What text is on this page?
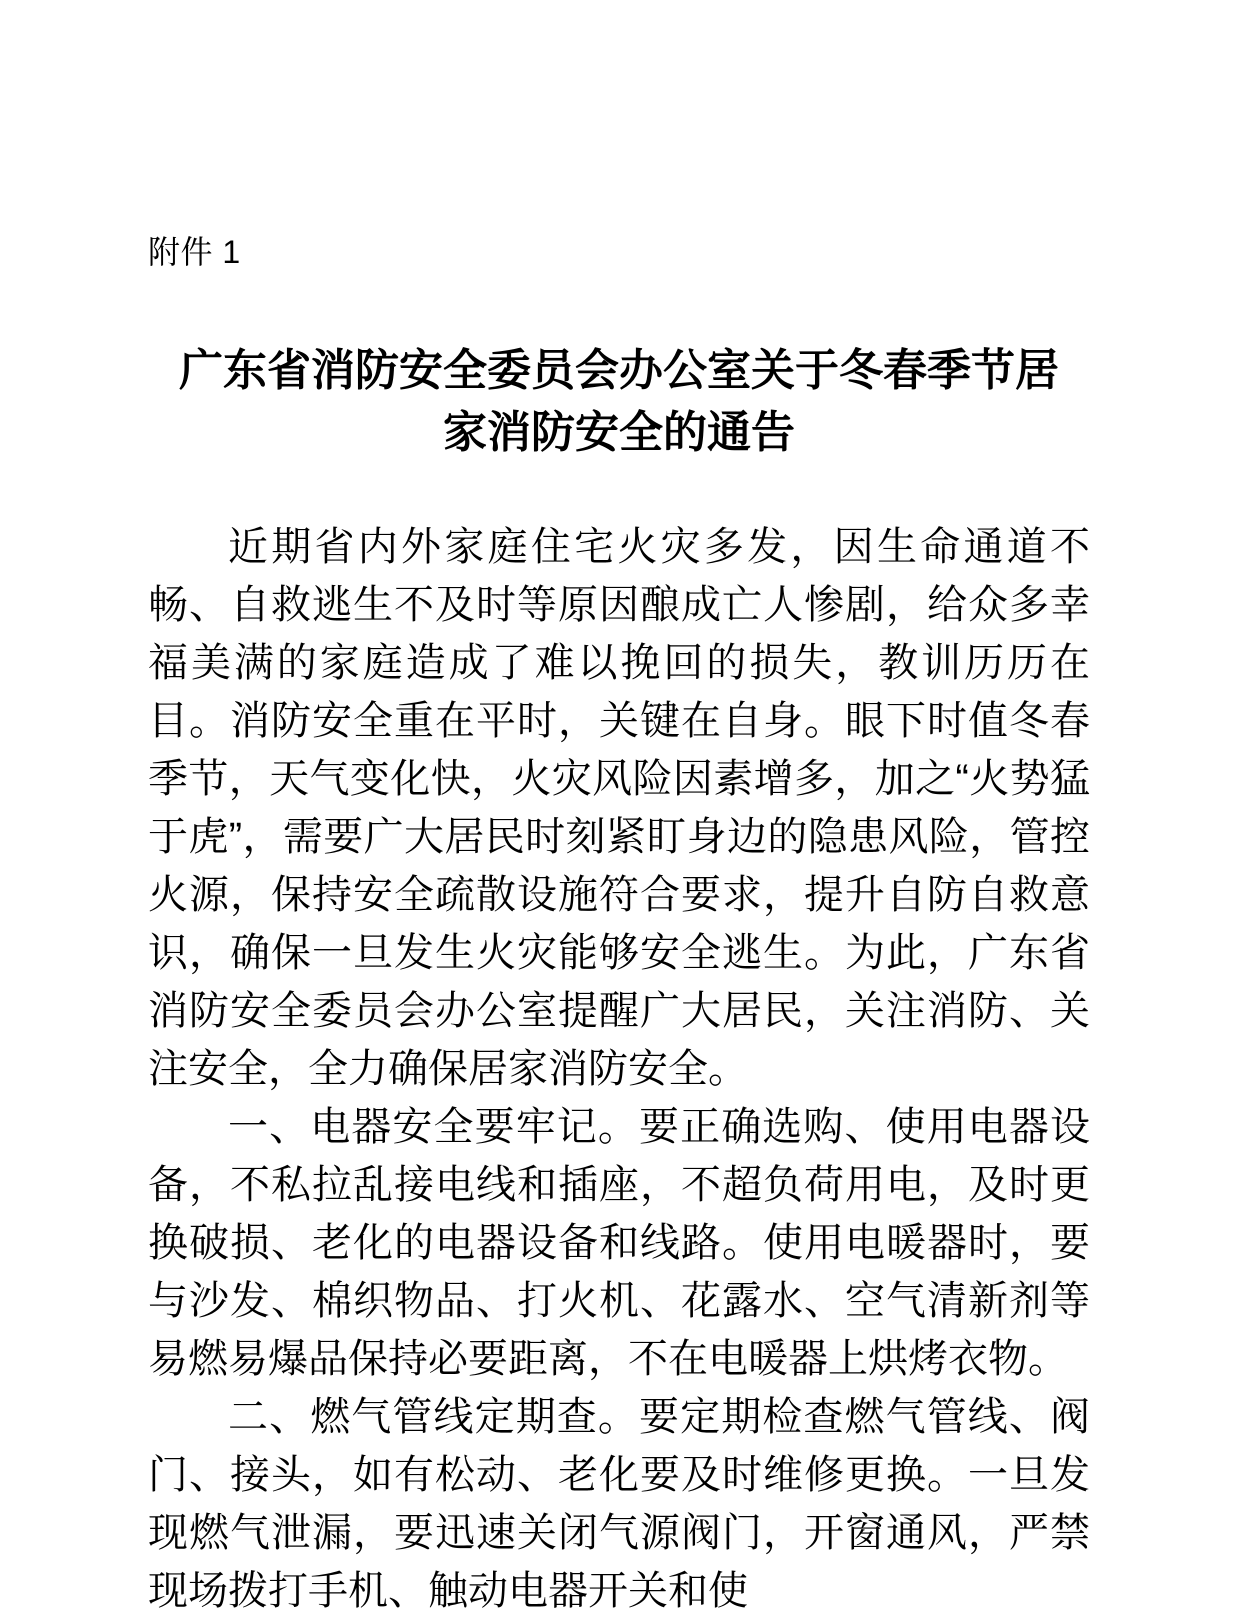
附件 1
广东省消防安全委员会办公室关于冬春季节居家消防安全的通告

近期省内外家庭住宅火灾多发，因生命通道不畅、自救逃生不及时等原因酿成亡人惨剧，给众多幸福美满的家庭造成了难以挽回的损失，教训历历在目。消防安全重在平时，关键在自身。眼下时值冬春季节，天气变化快，火灾风险因素增多，加之“火势猛于虎”，需要广大居民时刻紧盯身边的隐患风险，管控火源，保持安全疏散设施符合要求，提升自防自救意识，确保一旦发生火灾能够安全逃生。为此，广东省消防安全委员会办公室提醒广大居民，关注消防、关注安全，全力确保居家消防安全。

一、电器安全要牢记。要正确选购、使用电器设备，不私拉乱接电线和插座，不超负荷用电，及时更换破损、老化的电器设备和线路。使用电暖器时，要与沙发、棉织物品、打火机、花露水、空气清新剂等易燃易爆品保持必要距离，不在电暖器上烘烤衣物。

二、燃气管线定期查。要定期检查燃气管线、阀门、接头，如有松动、老化要及时维修更换。一旦发现燃气泄漏，要迅速关闭气源阀门，开窗通风，严禁现场拨打手机、触动电器开关和使
